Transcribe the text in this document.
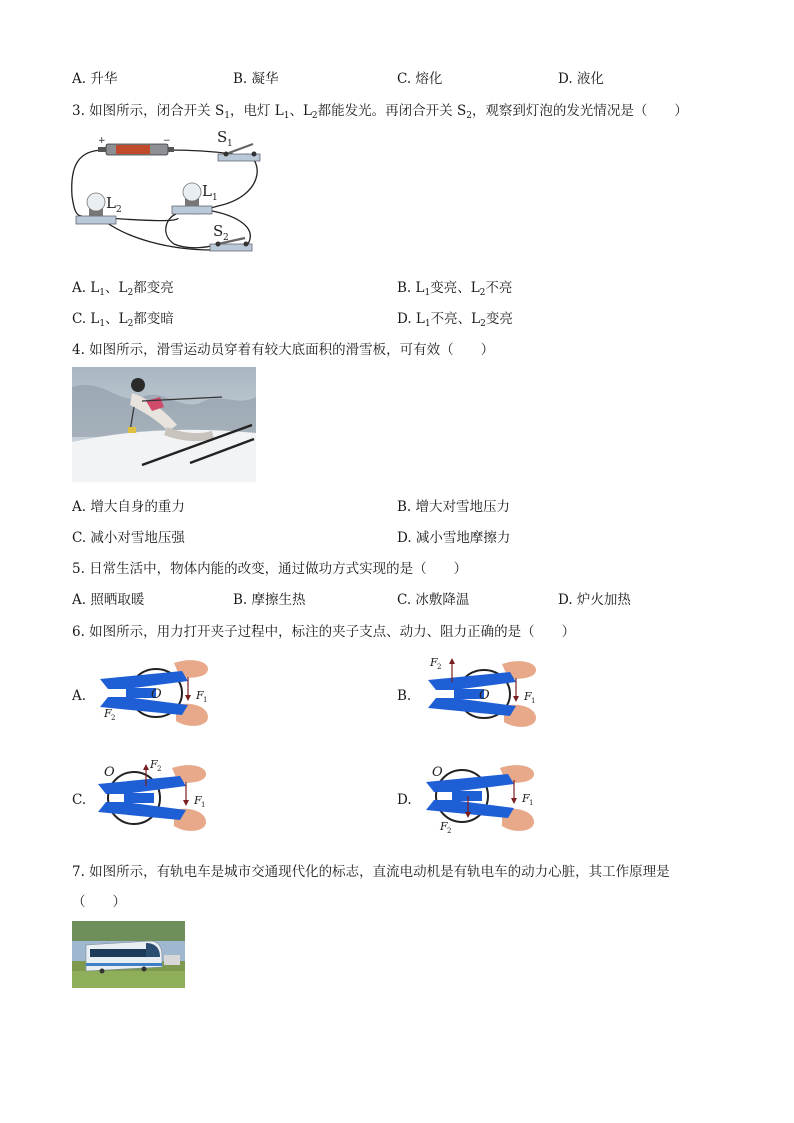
A. 升华	B. 凝华	C. 熔化	D. 液化
3. 如图所示，闭合开关 $S_1$，电灯 $L_1$、$L_2$都能发光。再闭合开关 $S_2$，观察到灯泡的发光情况是（　　）
+	−	S 1
L 1
L 2
S 2
A. $L_1$、$L_2$都变亮	B. $L_1$变亮、$L_2$不亮
C. $L_1$、$L_2$都变暗	D. $L_1$不亮、$L_2$变亮
4. 如图所示，滑雪运动员穿着有较大底面积的滑雪板，可有效（　　）
A. 增大自身的重力	B. 增大对雪地压力
C. 减小对雪地压强	D. 减小雪地摩擦力
5. 日常生活中，物体内能的改变，通过做功方式实现的是（　　）
A. 照晒取暖	B. 摩擦生热	C. 冰敷降温	D. 炉火加热
6. 如图所示，用力打开夹子过程中，标注的夹子支点、动力、阻力正确的是（　　）
A.	B.
C.	D.
O	F 1
F 2
O
F 2
F 1
O
F 2
F 1
O
F 2
F 1
7. 如图所示，有轨电车是城市交通现代化的标志，直流电动机是有轨电车的动力心脏，其工作原理是
（　　）
